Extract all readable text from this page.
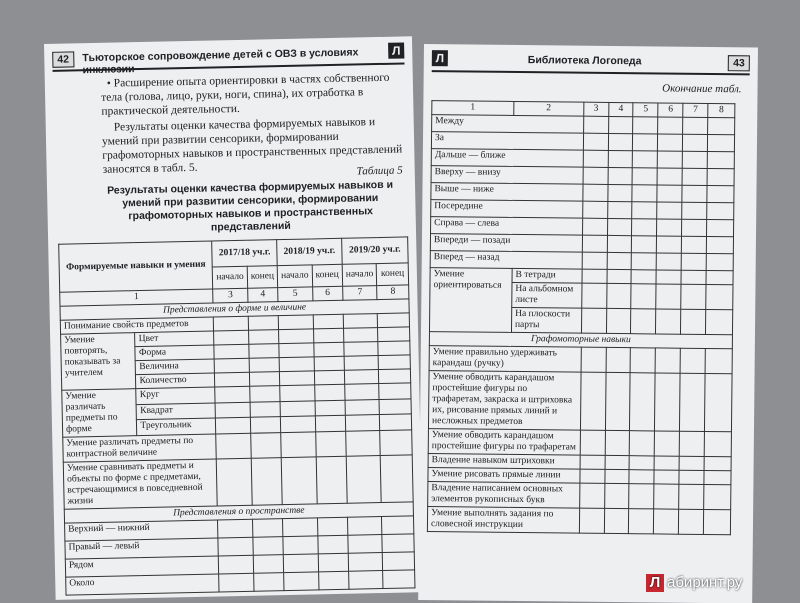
42	Тьюторское сопровождение детей с ОВЗ в условиях инклюзии
Л
• Расширение опыта ориентировки в частях собственного тела (голова, лицо, руки, ноги, спина), их отработка в практической деятельности.
Результаты оценки качества формируемых навыков и умений при развитии сенсорики, формировании графомоторных навыков и пространственных представлений заносятся в табл. 5.	Таблица 5
Результаты оценки качества формируемых навыков и умений при развитии сенсорики, формировании графомоторных навыков и пространственных представлений
Формируемые навыки и умения		2017/18 уч.г.		2018/19 уч.г.		2019/20 уч.г.	
		начало	конец	начало	конец	начало	конец
1		3	4	5	6	7	8
Представления о форме и величине							
Понимание свойств предметов							
Умение повторять, показывать за учителем	Цвет						
	Форма						
	Величина						
	Количество						
Умение различать предметы по форме	Круг						
	Квадрат						
	Треугольник						
Умение различать предметы по контрастной величине							
Умение сравнивать предметы и объекты по форме с предметами, встречающимися в повседневной жизни							
Представления о пространстве							
Верхний — нижний							
Правый — левый							
Рядом							
Около							
Л	Библиотека Логопеда	43
Окончание табл.
1	2	3	4	5	6	7	8
Между							
За							
Дальше — ближе							
Вверху — внизу							
Выше — ниже							
Посередине							
Справа — слева							
Впереди — позади							
Вперед — назад							
Умение ориентироваться	В тетради						
	На альбомном листе						
	На плоскости парты						
Графомоторные навыки							
Умение правильно удерживать карандаш (ручку)							
Умение обводить карандашом простейшие фигуры по трафаретам, закраска и штриховка их, рисование прямых линий и несложных предметов							
Умение обводить карандашом простейшие фигуры по трафаретам							
Владение навыком штриховки							
Умение рисовать прямые линии							
Владение написанием основных элементов рукописных букв							
Умение выполнять задания по словесной инструкции							
Л абиринт.ру
